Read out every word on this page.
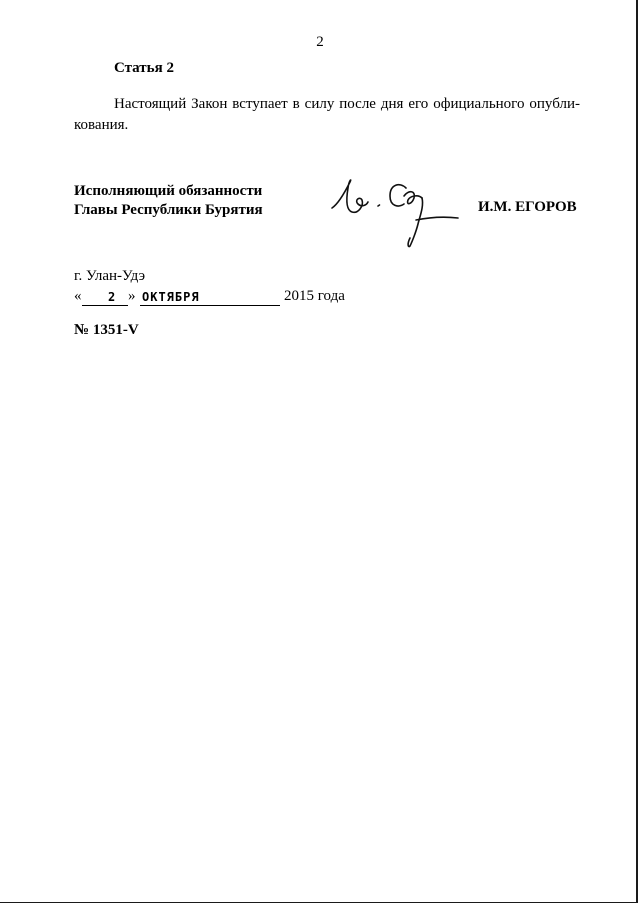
2
Статья 2
Настоящий Закон вступает в силу после дня его официального опубли-
кования.
Исполняющий обязанности
Главы Республики Бурятия	И.М. ЕГОРОВ
г. Улан-Удэ
« 2 » ОКТЯБРЯ	2015 года
№ 1351-V
